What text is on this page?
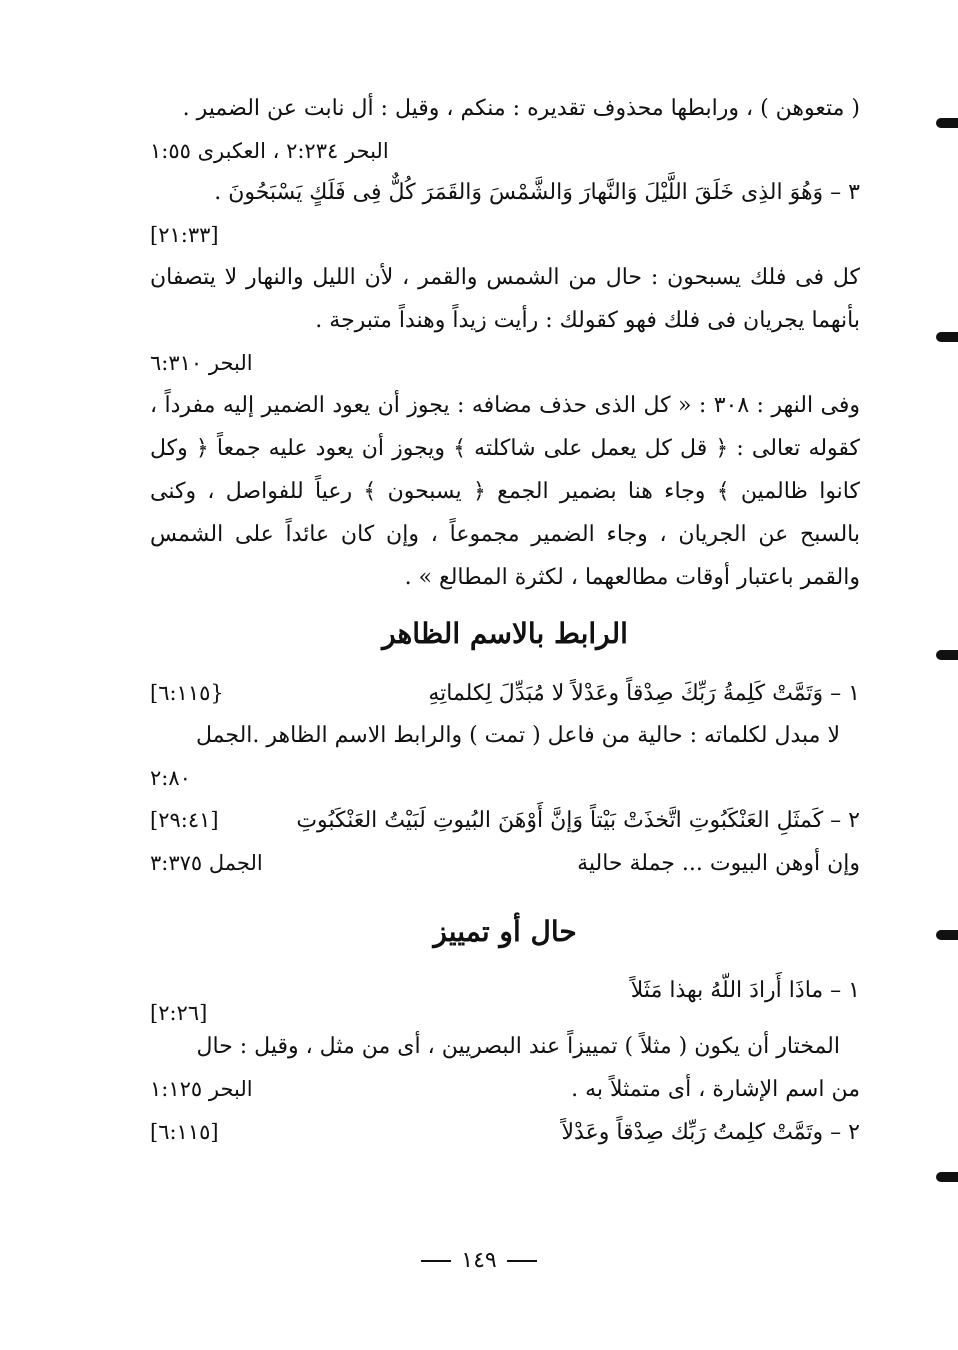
( متعوهن ) ، ورابطها محذوف تقديره : منكم ، وقيل : أل نابت عن الضمير .
البحر ٢:٢٣٤ ، العكبرى ١:٥٥
٣ – وَهُوَ الذِى خَلَقَ اللَّيْلَ وَالنَّهارَ وَالشَّمْسَ وَالقَمَرَ كُلٌّ فِى فَلَكٍ يَسْبَحُونَ .
[٢١:٣٣]

كل فى فلك يسبحون : حال من الشمس والقمر ، لأن الليل والنهار لا يتصفان بأنهما يجريان فى فلك فهو كقولك : رأيت زيداً وهنداً متبرجة .

البحر ٦:٣١٠

وفى النهر : ٣٠٨ : « كل الذى حذف مضافه : يجوز أن يعود الضمير إليه مفرداً ، كقوله تعالى : ﴿ قل كل يعمل على شاكلته ﴾ ويجوز أن يعود عليه جمعاً ﴿ وكل كانوا ظالمين ﴾ وجاء هنا بضمير الجمع ﴿ يسبحون ﴾ رعياً للفواصل ، وكنى بالسبح عن الجريان ، وجاء الضمير مجموعاً ، وإن كان عائداً على الشمس والقمر باعتبار أوقات مطالعهما ، لكثرة المطالع » .

الرابط بالاسم الظاهر
١ – وَتَمَّتْ كَلِمةُ رَبِّكَ صِدْقاً وعَدْلاً لا مُبَدِّلَ لِكلماتِهِ
[٦:١١٥}
لا مبدل لكلماته : حالية من فاعل ( تمت ) والرابط الاسم الظاهر .الجمل
٢:٨٠
٢ – كَمثَلِ العَنْكَبُوتِ اتَّخذَتْ بَيْتاً وَإنَّ أَوْهَنَ البُيوتِ لَبَيْتُ العَنْكَبُوتِ
[٢٩:٤١]
وإن أوهن البيوت ... جملة حالية
الجمل ٣:٣٧٥
حال أو تمييز
١ – ماذَا أَرادَ اللّهُ بهذا مَثَلاً
[٢:٢٦]
المختار أن يكون ( مثلاً ) تمييزاً عند البصريين ، أى من مثل ، وقيل : حال
من اسم الإشارة ، أى متمثلاً به .
البحر ١:١٢٥
٢ – وتَمَّتْ كلِمتُ رَبِّك صِدْقاً وعَدْلاً
[٦:١١٥]
١٤٩
